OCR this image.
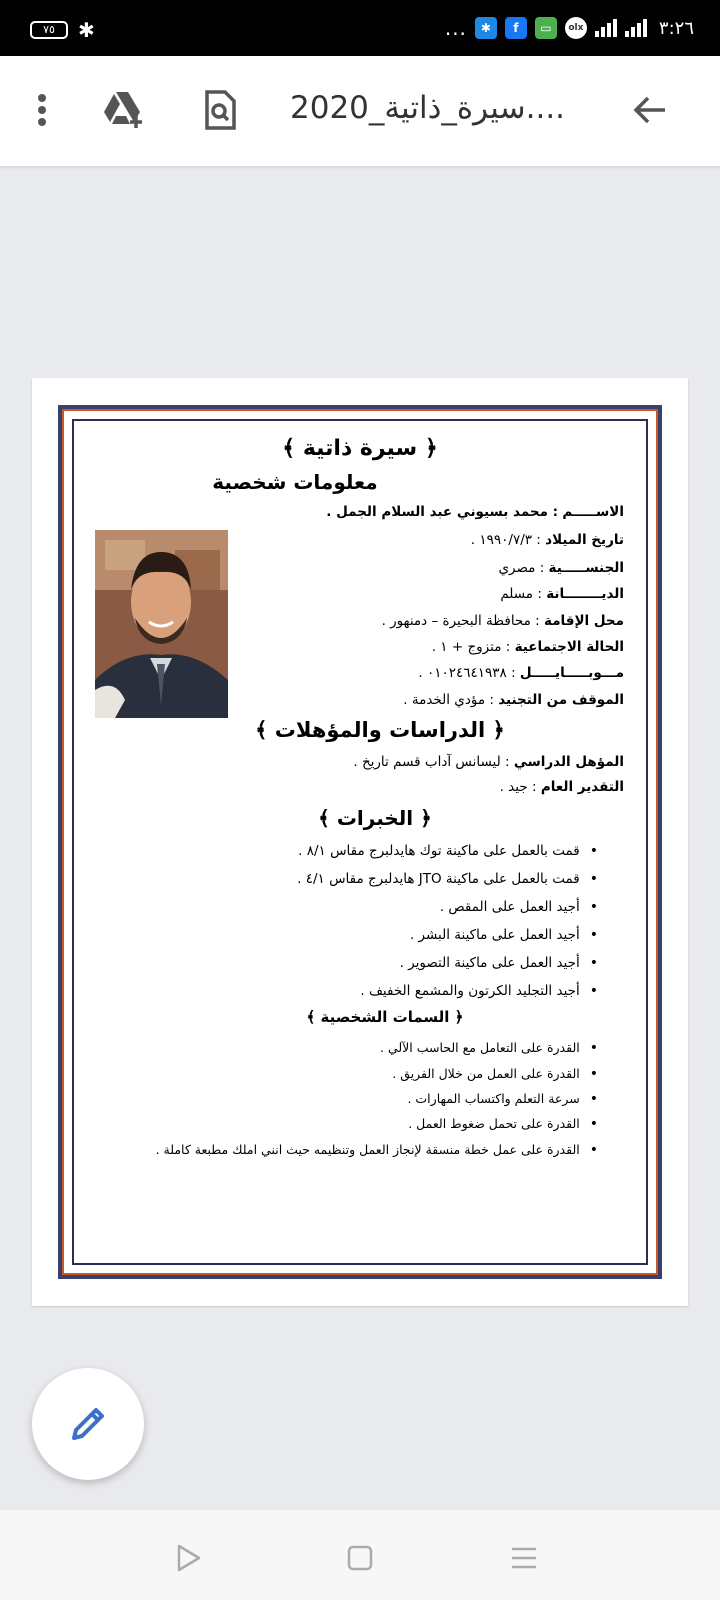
٧٥	✱	...	✱	f	▭	olx	٣:٢٦
سيرة_ذاتية_2020....
﴿ سيرة ذاتية ﴾
معلومات شخصية
الاســـــم : محمد بسيوني عبد السلام الجمل .
تاريخ الميلاد : ١٩٩٠/٧/٣ .
الجنســـــية : مصري
الديــــــــانة : مسلم
محل الإقامة : محافظة البحيرة – دمنهور .
الحالة الاجتماعية : متزوج + ١ .
مـــوبـــــايـــــل : ٠١٠٢٤٦٤١٩٣٨ .
الموقف من التجنيد : مؤدي الخدمة .
﴿ الدراسات والمؤهلات ﴾
المؤهل الدراسي : ليسانس آداب قسم تاريخ .
التقدير العام : جيد .
﴿ الخبرات ﴾
• قمت بالعمل على ماكينة توك هايدلبرج مقاس ٨/١ .
• قمت بالعمل على ماكينة JTO هايدلبرج مقاس ٤/١ .
• أجيد العمل على المقص .
• أجيد العمل على ماكينة البشر .
• أجيد العمل على ماكينة التصوير .
• أجيد التجليد الكرتون والمشمع الخفيف .
﴿ السمات الشخصية ﴾
• القدرة على التعامل مع الحاسب الآلي .
• القدرة على العمل من خلال الفريق .
• سرعة التعلم واكتساب المهارات .
• القدرة على تحمل ضغوط العمل .
• القدرة على عمل خطة منسقة لإنجاز العمل وتنظيمه حيث انني املك مطبعة كاملة .
